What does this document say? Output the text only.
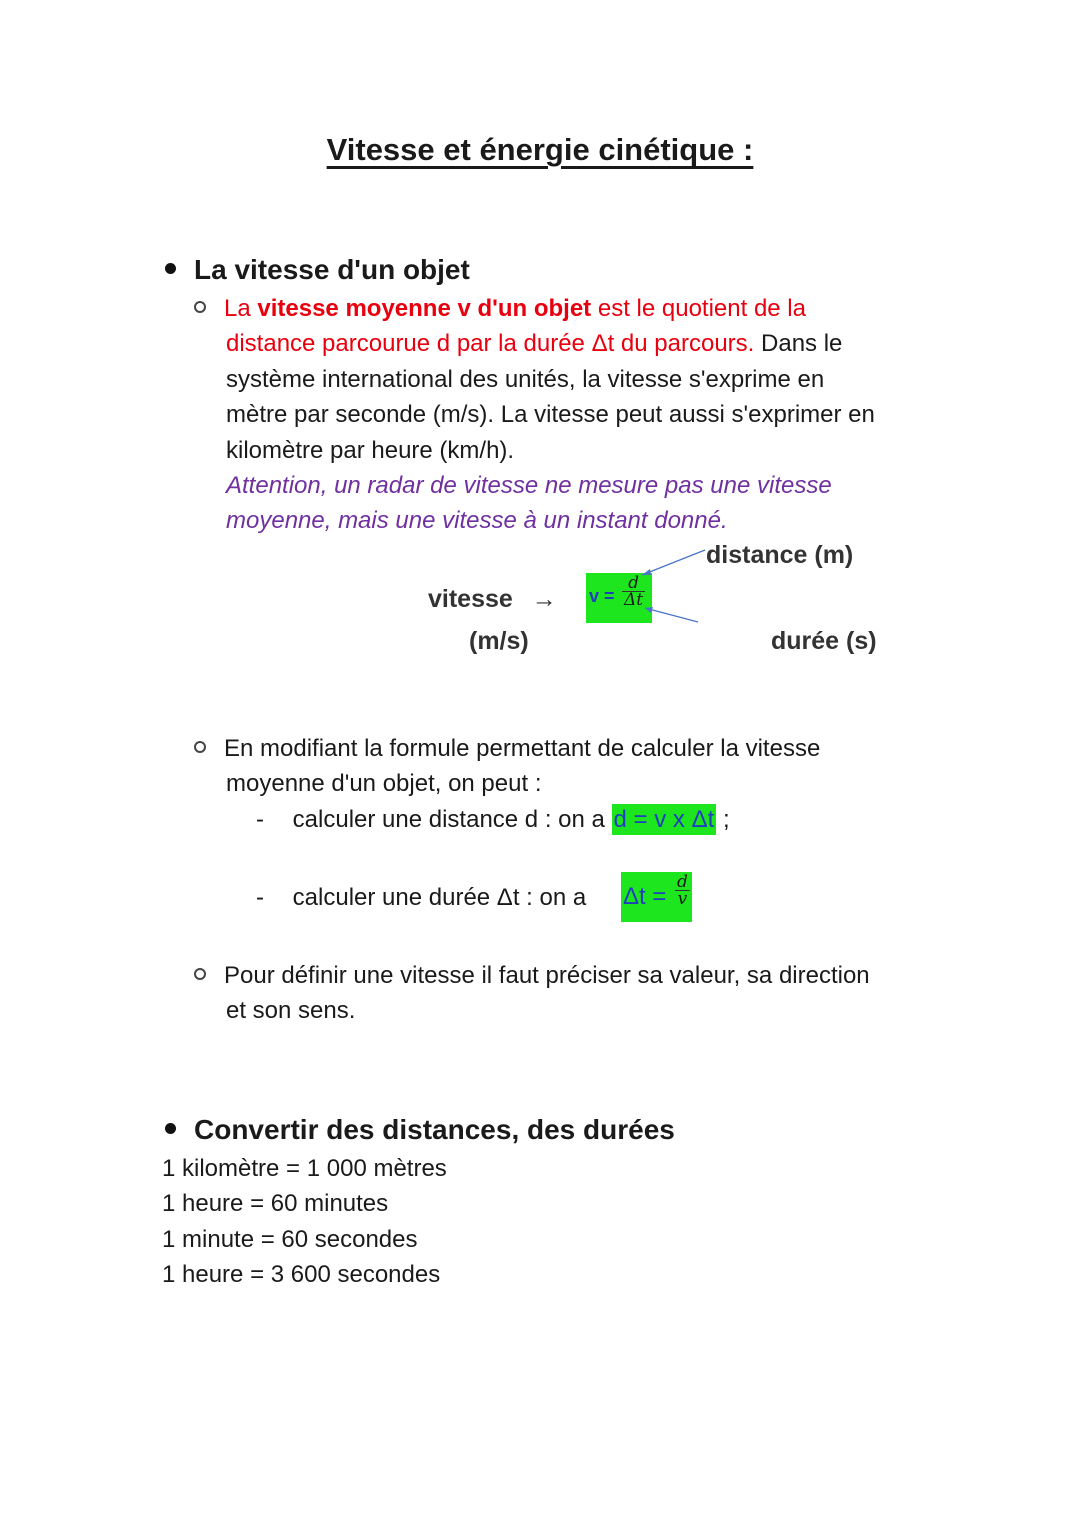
Vitesse et énergie cinétique :
La vitesse d'un objet
La vitesse moyenne v d'un objet est le quotient de la
distance parcourue d par la durée Δt du parcours. Dans le
système international des unités, la vitesse s'exprime en
mètre par seconde (m/s). La vitesse peut aussi s'exprimer en
kilomètre par heure (km/h).
Attention, un radar de vitesse ne mesure pas une vitesse
moyenne, mais une vitesse à un instant donné.
distance (m)
vitesse → $v = \frac{d}{\Delta t}$
(m/s)	durée (s)
En modifiant la formule permettant de calculer la vitesse
moyenne d'un objet, on peut :
- calculer une distance d : on a d = v x Δt ;
- calculer une durée Δt : on a $\Delta t = \frac{d}{v}$
Pour définir une vitesse il faut préciser sa valeur, sa direction
et son sens.
Convertir des distances, des durées
1 kilomètre = 1 000 mètres
1 heure = 60 minutes
1 minute = 60 secondes
1 heure = 3 600 secondes
